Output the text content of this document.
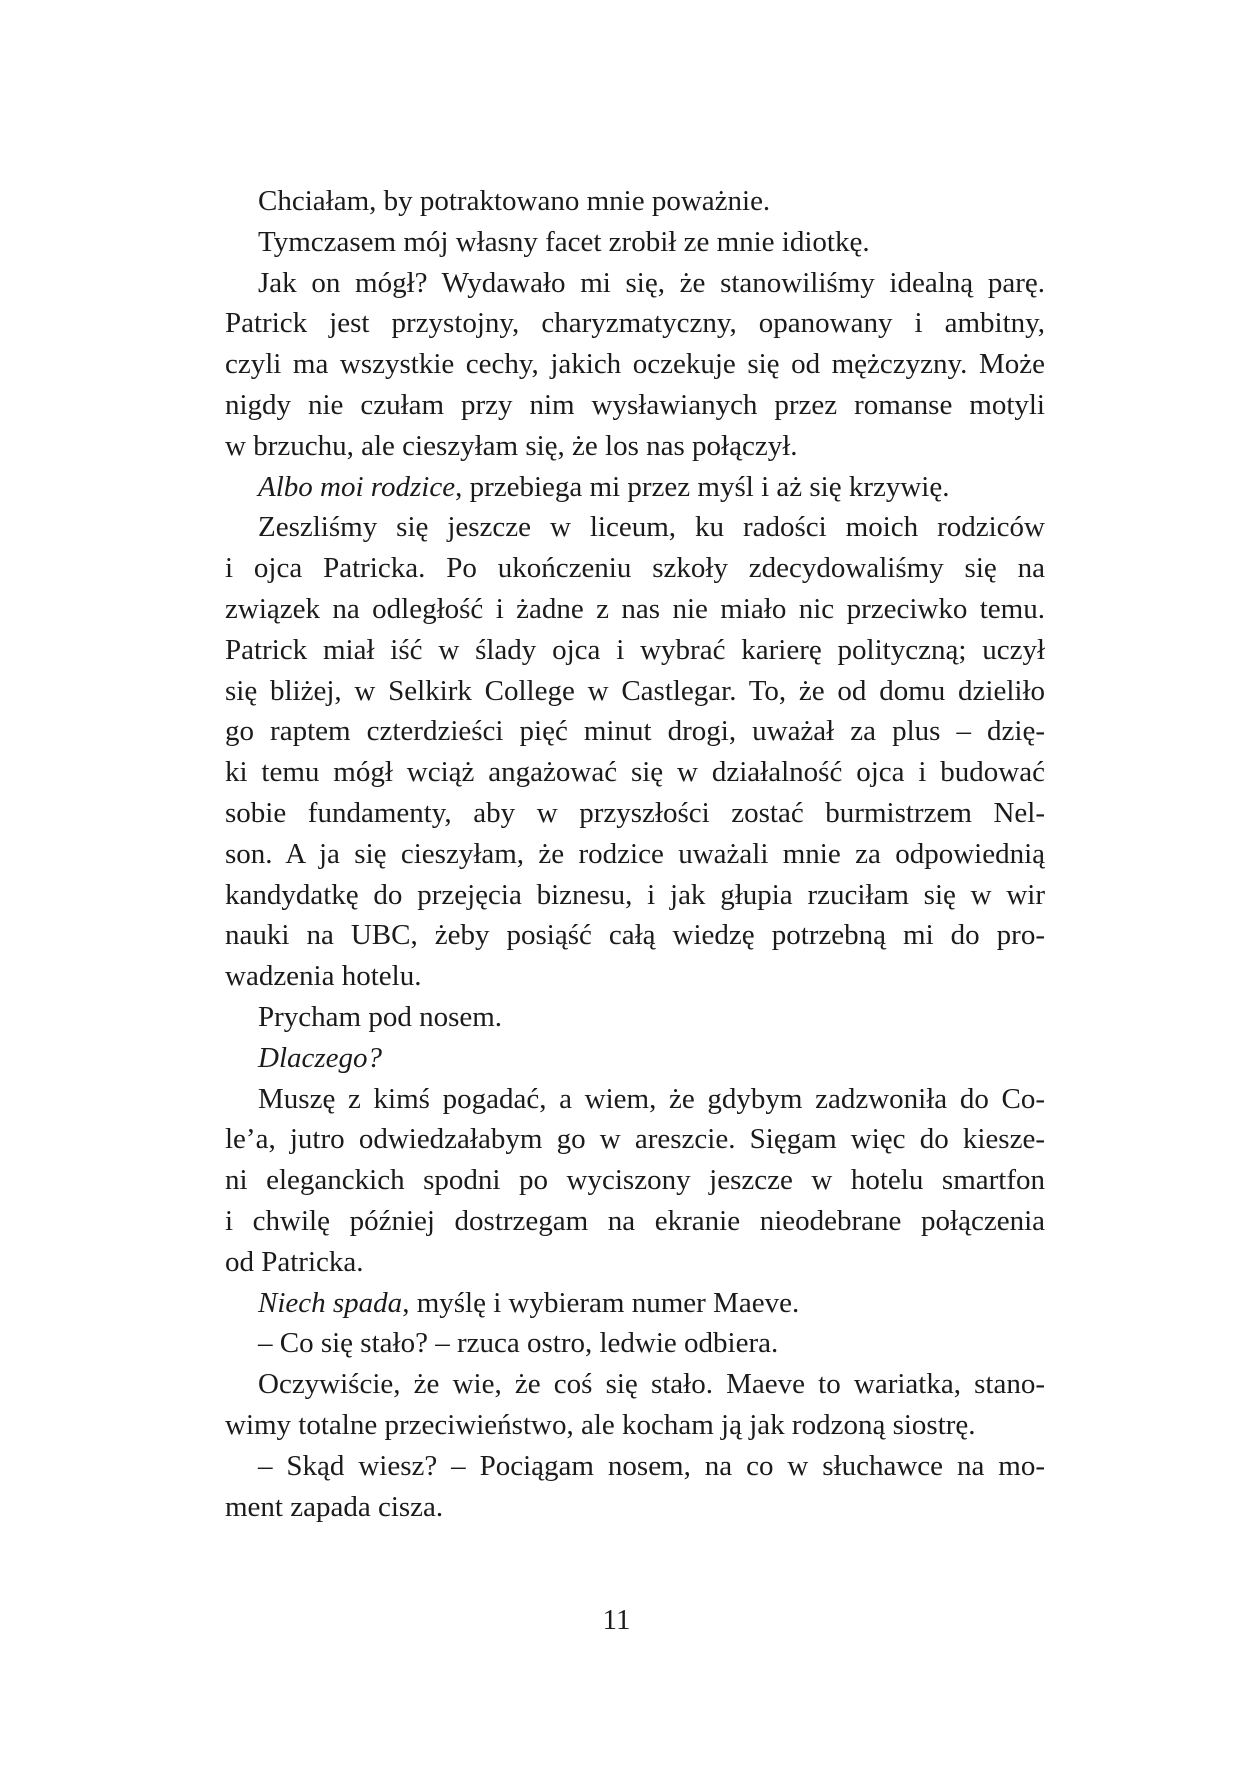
Chciałam, by potraktowano mnie poważnie.
Tymczasem mój własny facet zrobił ze mnie idiotkę.
Jak on mógł? Wydawało mi się, że stanowiliśmy idealną parę.
Patrick jest przystojny, charyzmatyczny, opanowany i ambitny,
czyli ma wszystkie cechy, jakich oczekuje się od mężczyzny. Może
nigdy nie czułam przy nim wysławianych przez romanse motyli
w brzuchu, ale cieszyłam się, że los nas połączył.
Albo moi rodzice, przebiega mi przez myśl i aż się krzywię.
Zeszliśmy się jeszcze w liceum, ku radości moich rodziców
i ojca Patricka. Po ukończeniu szkoły zdecydowaliśmy się na
związek na odległość i żadne z nas nie miało nic przeciwko temu.
Patrick miał iść w ślady ojca i wybrać karierę polityczną; uczył
się bliżej, w Selkirk College w Castlegar. To, że od domu dzieliło
go raptem czterdzieści pięć minut drogi, uważał za plus – dzię-
ki temu mógł wciąż angażować się w działalność ojca i budować
sobie fundamenty, aby w przyszłości zostać burmistrzem Nel-
son. A ja się cieszyłam, że rodzice uważali mnie za odpowiednią
kandydatkę do przejęcia biznesu, i jak głupia rzuciłam się w wir
nauki na UBC, żeby posiąść całą wiedzę potrzebną mi do pro-
wadzenia hotelu.
Prycham pod nosem.
Dlaczego?
Muszę z kimś pogadać, a wiem, że gdybym zadzwoniła do Co-
le’a, jutro odwiedzałabym go w areszcie. Sięgam więc do kiesze-
ni eleganckich spodni po wyciszony jeszcze w hotelu smartfon
i chwilę później dostrzegam na ekranie nieodebrane połączenia
od Patricka.
Niech spada, myślę i wybieram numer Maeve.
– Co się stało? – rzuca ostro, ledwie odbiera.
Oczywiście, że wie, że coś się stało. Maeve to wariatka, stano-
wimy totalne przeciwieństwo, ale kocham ją jak rodzoną siostrę.
– Skąd wiesz? – Pociągam nosem, na co w słuchawce na mo-
ment zapada cisza.
11
